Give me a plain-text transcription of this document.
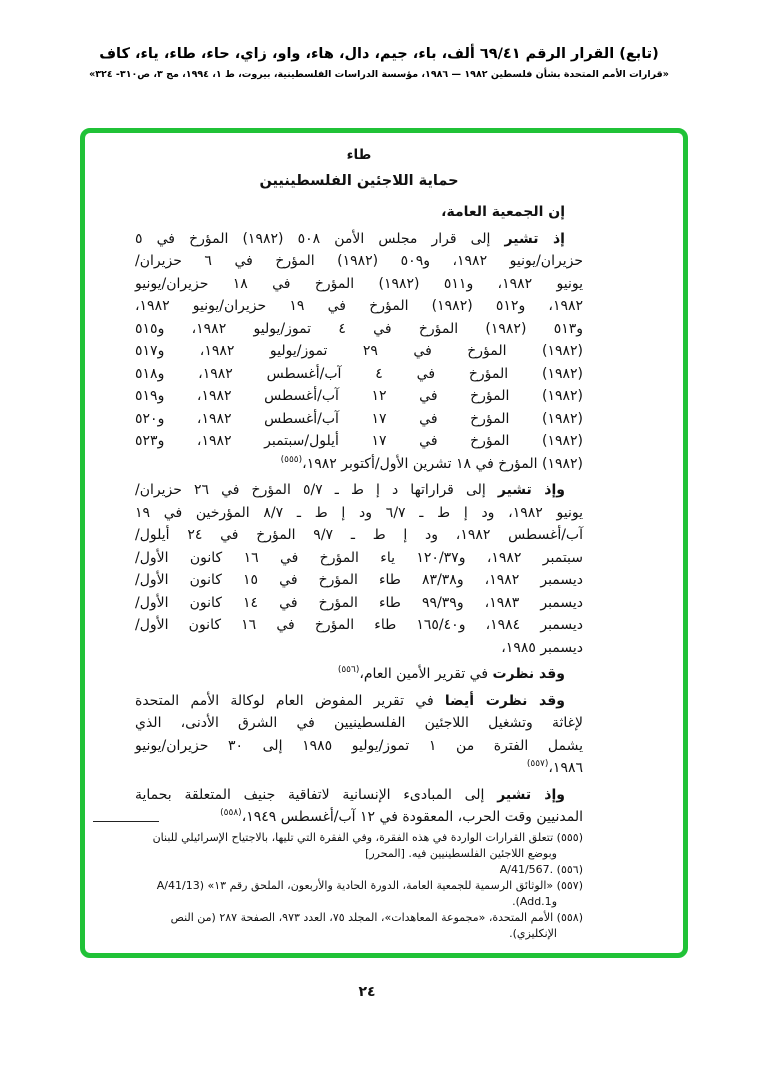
(تابع) القرار الرقم ٦٩/٤١ ألف، باء، جيم، دال، هاء، واو، زاي، حاء، طاء، ياء، كاف
«قرارات الأمم المتحدة بشأن فلسطين ١٩٨٢ — ١٩٨٦، مؤسسة الدراسات الفلسطينية، بيروت، ط ١، ١٩٩٤، مج ٣، ص٣١٠- ٣٢٤»
طاء
حماية اللاجئين الفلسطينيين
إن الجمعية العامة،
إذ تشير إلى قرار مجلس الأمن ٥٠٨ (١٩٨٢) المؤرخ في ٥
حزيران/يونيو ١٩٨٢، و٥٠٩ (١٩٨٢) المؤرخ في ٦ حزيران/
يونيو ١٩٨٢، و٥١١ (١٩٨٢) المؤرخ في ١٨ حزيران/يونيو
١٩٨٢، و٥١٢ (١٩٨٢) المؤرخ في ١٩ حزيران/يونيو ١٩٨٢،
و٥١٣ (١٩٨٢) المؤرخ في ٤ تموز/يوليو ١٩٨٢، و٥١٥
(١٩٨٢) المؤرخ في ٢٩ تموز/يوليو ١٩٨٢، و٥١٧
(١٩٨٢) المؤرخ في ٤ آب/أغسطس ١٩٨٢، و٥١٨
(١٩٨٢) المؤرخ في ١٢ آب/أغسطس ١٩٨٢، و٥١٩
(١٩٨٢) المؤرخ في ١٧ آب/أغسطس ١٩٨٢، و٥٢٠
(١٩٨٢) المؤرخ في ١٧ أيلول/سبتمبر ١٩٨٢، و٥٢٣
(١٩٨٢) المؤرخ في ١٨ تشرين الأول/أكتوبر ١٩٨٢،$^{(٥٥٥)}$
وإذ تشير إلى قراراتها د إ ط ـ ٥/٧ المؤرخ في ٢٦ حزيران/
يونيو ١٩٨٢، ود إ ط ـ ٦/٧ ود إ ط ـ ٨/٧ المؤرخين في ١٩
آب/أغسطس ١٩٨٢، ود إ ط ـ ٩/٧ المؤرخ في ٢٤ أيلول/
سبتمبر ١٩٨٢، و١٢٠/٣٧ ياء المؤرخ في ١٦ كانون الأول/
ديسمبر ١٩٨٢، و٨٣/٣٨ طاء المؤرخ في ١٥ كانون الأول/
ديسمبر ١٩٨٣، و٩٩/٣٩ طاء المؤرخ في ١٤ كانون الأول/
ديسمبر ١٩٨٤، و١٦٥/٤٠ طاء المؤرخ في ١٦ كانون الأول/
ديسمبر ١٩٨٥،
وقد نظرت في تقرير الأمين العام،$^{(٥٥٦)}$
وقد نظرت أيضا في تقرير المفوض العام لوكالة الأمم المتحدة
لإغاثة وتشغيل اللاجئين الفلسطينيين في الشرق الأدنى، الذي
يشمل الفترة من ١ تموز/يوليو ١٩٨٥ إلى ٣٠ حزيران/يونيو
١٩٨٦،$^{(٥٥٧)}$
وإذ تشير إلى المبادىء الإنسانية لاتفاقية جنيف المتعلقة بحماية
المدنيين وقت الحرب، المعقودة في ١٢ آب/أغسطس ١٩٤٩،$^{(٥٥٨)}$
(٥٥٥) تتعلق القرارات الواردة في هذه الفقرة، وفي الفقرة التي تليها، بالاجتياح الإسرائيلي للبنان وبوضع اللاجئين الفلسطينيين فيه. [المحرر]
(٥٥٦) A/41/567.‎
(٥٥٧) «الوثائق الرسمية للجمعية العامة، الدورة الحادية والأربعون، الملحق رقم ١٣» (A/41/13 وAdd.1).
(٥٥٨) الأمم المتحدة، «مجموعة المعاهدات»، المجلد ٧٥، العدد ٩٧٣، الصفحة ٢٨٧ (من النص الإنكليزي).
٢٤
